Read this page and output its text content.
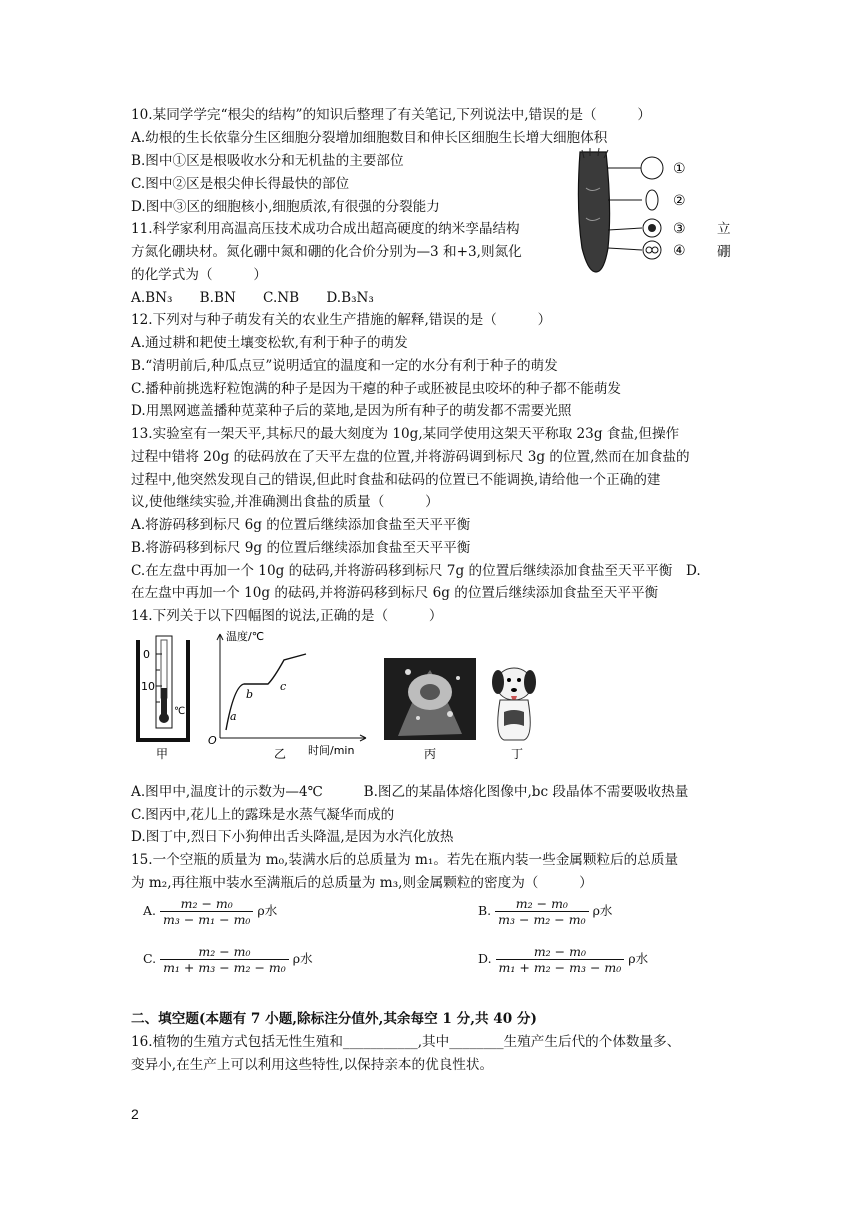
10.某同学学完“根尖的结构”的知识后整理了有关笔记,下列说法中,错误的是（　　　）
A.幼根的生长依靠分生区细胞分裂增加细胞数目和伸长区细胞生长增大细胞体积
B.图中①区是根吸收水分和无机盐的主要部位
C.图中②区是根尖伸长得最快的部位
D.图中③区的细胞核小,细胞质浓,有很强的分裂能力
11.科学家利用高温高压技术成功合成出超高硬度的纳米孪晶结构
方氮化硼块材。氮化硼中氮和硼的化合价分别为—3 和+3,则氮化
的化学式为（　　　）
A.BN₃　　B.BN　　C.NB　　D.B₃N₃
12.下列对与种子萌发有关的农业生产措施的解释,错误的是（　　　）
A.通过耕和耙使土壤变松软,有利于种子的萌发
B.“清明前后,种瓜点豆”说明适宜的温度和一定的水分有利于种子的萌发
C.播种前挑选籽粒饱满的种子是因为干瘪的种子或胚被昆虫咬坏的种子都不能萌发
D.用黑网遮盖播种苋菜种子后的菜地,是因为所有种子的萌发都不需要光照
13.实验室有一架天平,其标尺的最大刻度为 10g,某同学使用这架天平称取 23g 食盐,但操作
过程中错将 20g 的砝码放在了天平左盘的位置,并将游码调到标尺 3g 的位置,然而在加食盐的
过程中,他突然发现自己的错误,但此时食盐和砝码的位置已不能调换,请给他一个正确的建
议,使他继续实验,并准确测出食盐的质量（　　　）
A.将游码移到标尺 6g 的位置后继续添加食盐至天平平衡
B.将游码移到标尺 9g 的位置后继续添加食盐至天平平衡
C.在左盘中再加一个 10g 的砝码,并将游码移到标尺 7g 的位置后继续添加食盐至天平平衡　D.
在左盘中再加一个 10g 的砝码,并将游码移到标尺 6g 的位置后继续添加食盐至天平平衡
14.下列关于以下四幅图的说法,正确的是（　　　）
立
硼
①
②
③
④
0
10
℃
甲
温度/℃
时间/min
O
a
b
c
乙	丙	丁
A.图甲中,温度计的示数为—4℃　　　B.图乙的某晶体熔化图像中,bc 段晶体不需要吸收热量
C.图丙中,花儿上的露珠是水蒸气凝华而成的
D.图丁中,烈日下小狗伸出舌头降温,是因为水汽化放热
15.一个空瓶的质量为 m₀,装满水后的总质量为 m₁。若先在瓶内装一些金属颗粒后的总质量
为 m₂,再往瓶中装水至满瓶后的总质量为 m₃,则金属颗粒的密度为（　　　）
A. $\frac{\text{m₂ − m₀}}{\text{m₃ − m₁ − m₀}}$ ρ水	B. $\frac{\text{m₂ − m₀}}{\text{m₃ − m₂ − m₀}}$ ρ水
C. $\frac{\text{m₂ − m₀}}{\text{m₁ + m₃ − m₂ − m₀}}$ ρ水	D. $\frac{\text{m₂ − m₀}}{\text{m₁ + m₂ − m₃ − m₀}}$ ρ水
二、填空题(本题有 7 小题,除标注分值外,其余每空 1 分,共 40 分)
16.植物的生殖方式包括无性生殖和___________,其中________生殖产生后代的个体数量多、
变异小,在生产上可以利用这些特性,以保持亲本的优良性状。
2
